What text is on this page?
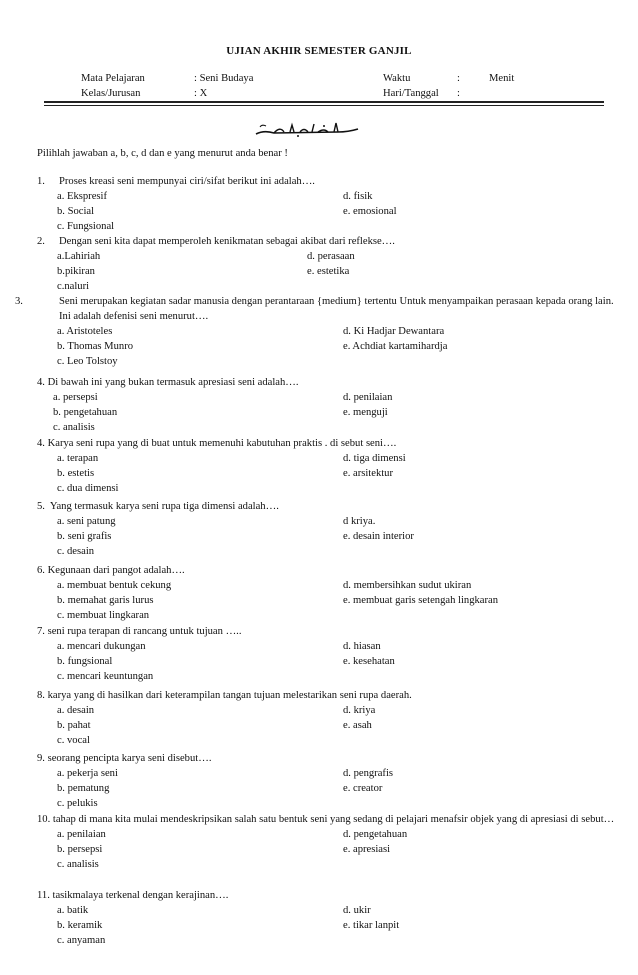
UJIAN AKHIR SEMESTER GANJIL
Mata Pelajaran	: Seni Budaya	Waktu	:	Menit
Kelas/Jurusan	: X	Hari/Tanggal :
Pilihlah jawaban a, b, c, d dan e yang menurut anda benar !
1. Proses kreasi seni mempunyai ciri/sifat berikut ini adalah….
a. Ekspresif	d. fisik
b. Social	e. emosional
c. Fungsional
2. Dengan seni kita dapat memperoleh kenikmatan sebagai akibat dari reflekse….
a.Lahiriah	d. perasaan
b.pikiran	e. estetika
c.naluri
3.	Seni merupakan kegiatan sadar manusia dengan perantaraan {medium} tertentu Untuk menyampaikan perasaan kepada orang lain. Ini adalah defenisi seni menurut….
a. Aristoteles	d. Ki Hadjar Dewantara
b. Thomas Munro	e. Achdiat kartamihardja
c. Leo Tolstoy
4. Di bawah ini yang bukan termasuk apresiasi seni adalah….
a. persepsi	d. penilaian
b. pengetahuan	e. menguji
c. analisis
4. Karya seni rupa yang di buat untuk memenuhi kabutuhan praktis . di sebut seni….
a. terapan	d. tiga dimensi
b. estetis	e. arsitektur
c. dua dimensi
5. Yang termasuk karya seni rupa tiga dimensi adalah….
a. seni patung	d kriya.
b. seni grafis	e. desain interior
c. desain
6. Kegunaan dari pangot adalah….
a. membuat bentuk cekung	d. membersihkan sudut ukiran
b. memahat garis lurus	e. membuat garis setengah lingkaran
c. membuat lingkaran
7. seni rupa terapan di rancang untuk tujuan …..
a. mencari dukungan	d. hiasan
b. fungsional	e. kesehatan
c. mencari keuntungan
8. karya yang di hasilkan dari keterampilan tangan tujuan melestarikan seni rupa daerah.
a. desain	d. kriya
b. pahat	e. asah
c. vocal
9. seorang pencipta karya seni disebut….
a. pekerja seni	d. pengrafis
b. pematung	e. creator
c. pelukis
10. tahap di mana kita mulai mendeskripsikan salah satu bentuk seni yang sedang di pelajari menafsir objek yang di apresiasi di sebut…
a. penilaian	d. pengetahuan
b. persepsi	e. apresiasi
c. analisis
11. tasikmalaya terkenal dengan kerajinan….
a. batik	d. ukir
b. keramik	e. tikar lanpit
c. anyaman
